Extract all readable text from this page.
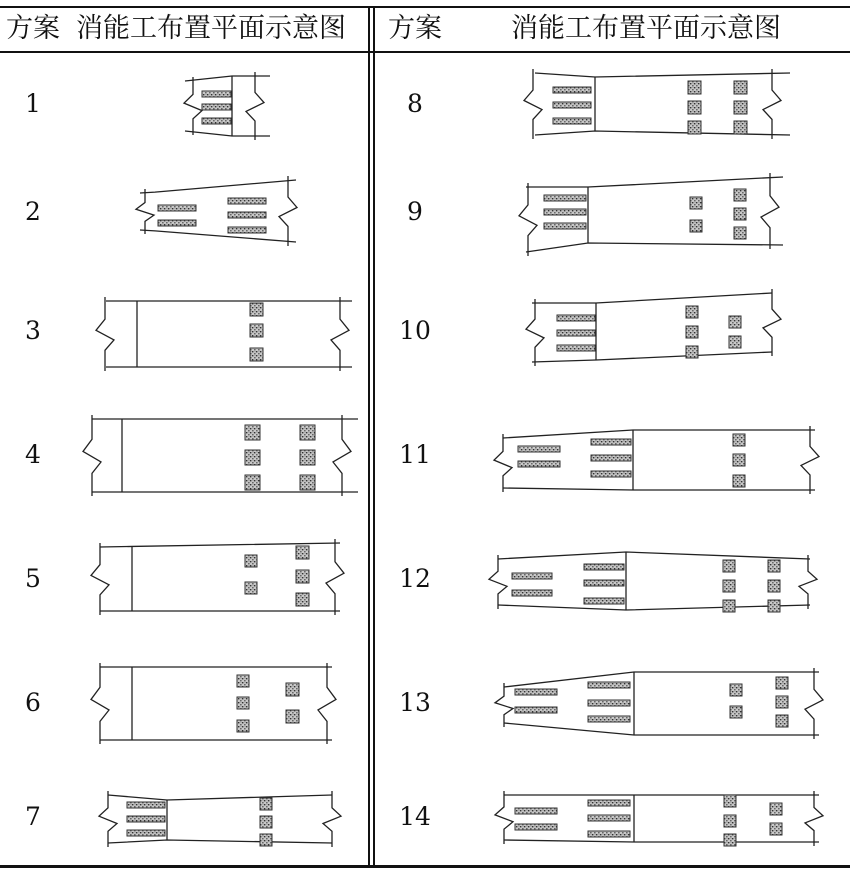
方案 消能工布置平面示意图 方案	消能工布置平面示意图
1
2
3
4
5
6
7
8
9
10
11
12
13
14
